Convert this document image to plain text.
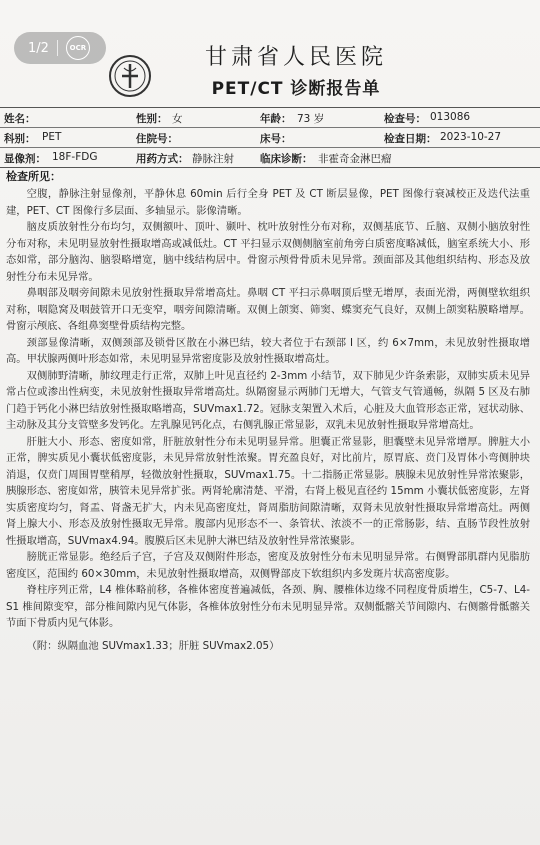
1/2	OCR	甘肃省人民医院
PET/CT 诊断报告单
姓名：	性别： 女	年龄： 73 岁	检查号： 013086
科别： PET	住院号：	床号：	检查日期： 2023-10-27
显像剂： 18F-FDG	用药方式： 静脉注射 临床诊断： 非霍奇金淋巴瘤
检查所见：

空腹，静脉注射显像剂，平静休息 60min 后行全身 PET 及 CT 断层显像，PET 图像行衰减校正及迭代法重建，PET、CT 图像行多层面、多轴显示。影像清晰。

脑皮质放射性分布均匀，双侧额叶、顶叶、颞叶、枕叶放射性分布对称，双侧基底节、丘脑、双侧小脑放射性分布对称，未见明显放射性摄取增高或减低灶。CT 平扫显示双侧侧脑室前角旁白质密度略减低，脑室系统大小、形态如常，部分脑沟、脑裂略增宽，脑中线结构居中。骨窗示颅骨骨质未见异常。颈面部及其他组织结构、形态及放射性分布未见异常。

鼻咽部及咽旁间隙未见放射性摄取异常增高灶。鼻咽 CT 平扫示鼻咽顶后壁无增厚，表面光滑，两侧壁软组织对称，咽隐窝及咽鼓管开口无变窄，咽旁间隙清晰。双侧上颌窦、筛窦、蝶窦充气良好，双侧上颌窦粘膜略增厚。骨窗示颅底、各组鼻窦壁骨质结构完整。

颈部显像清晰，双侧颈部及锁骨区散在小淋巴结，较大者位于右颈部 I 区，约 6×7mm，未见放射性摄取增高。甲状腺两侧叶形态如常，未见明显异常密度影及放射性摄取增高灶。

双侧肺野清晰，肺纹理走行正常，双肺上叶见直径约 2-3mm 小结节，双下肺见少许条索影，双肺实质未见异常占位或渗出性病变，未见放射性摄取异常增高灶。纵隔窗显示两肺门无增大，气管支气管通畅，纵隔 5 区及右肺门趋于钙化小淋巴结放射性摄取略增高，SUVmax1.72。冠脉支架置入术后，心脏及大血管形态正常，冠状动脉、主动脉及其分支管壁多发钙化。左乳腺见钙化点，右侧乳腺正常显影，双乳未见放射性摄取异常增高灶。

肝脏大小、形态、密度如常，肝脏放射性分布未见明显异常。胆囊正常显影，胆囊壁未见异常增厚。脾脏大小正常，脾实质见小囊状低密度影，未见异常放射性浓聚。胃充盈良好，对比前片，原胃底、贲门及胃体小弯侧肿块消退，仅贲门周围胃壁稍厚，轻微放射性摄取，SUVmax1.75。十二指肠正常显影。胰腺未见放射性异常浓聚影，胰腺形态、密度如常，胰管未见异常扩张。两肾轮廓清楚、平滑，右肾上极见直径约 15mm 小囊状低密度影，左肾实质密度均匀，肾盂、肾盏无扩大，内未见高密度灶，肾周脂肪间隙清晰，双肾未见放射性摄取异常增高灶。两侧肾上腺大小、形态及放射性摄取无异常。腹部内见形态不一、条管状、浓淡不一的正常肠影，结、直肠节段性放射性摄取增高，SUVmax4.94。腹膜后区未见肿大淋巴结及放射性异常浓聚影。

膀胱正常显影。绝经后子宫，子宫及双侧附件形态，密度及放射性分布未见明显异常。右侧臀部肌群内见脂肪密度区，范围约 60×30mm，未见放射性摄取增高，双侧臀部皮下软组织内多发斑片状高密度影。

脊柱序列正常，L4 椎体略前移，各椎体密度普遍减低，各颈、胸、腰椎体边缘不同程度骨质增生，C5-7、L4-S1 椎间隙变窄，部分椎间隙内见气体影，各椎体放射性分布未见明显异常。双侧骶髂关节间隙内、右侧髂骨骶髂关节面下骨质内见气体影。

（附：纵隔血池 SUVmax1.33；肝脏 SUVmax2.05）
